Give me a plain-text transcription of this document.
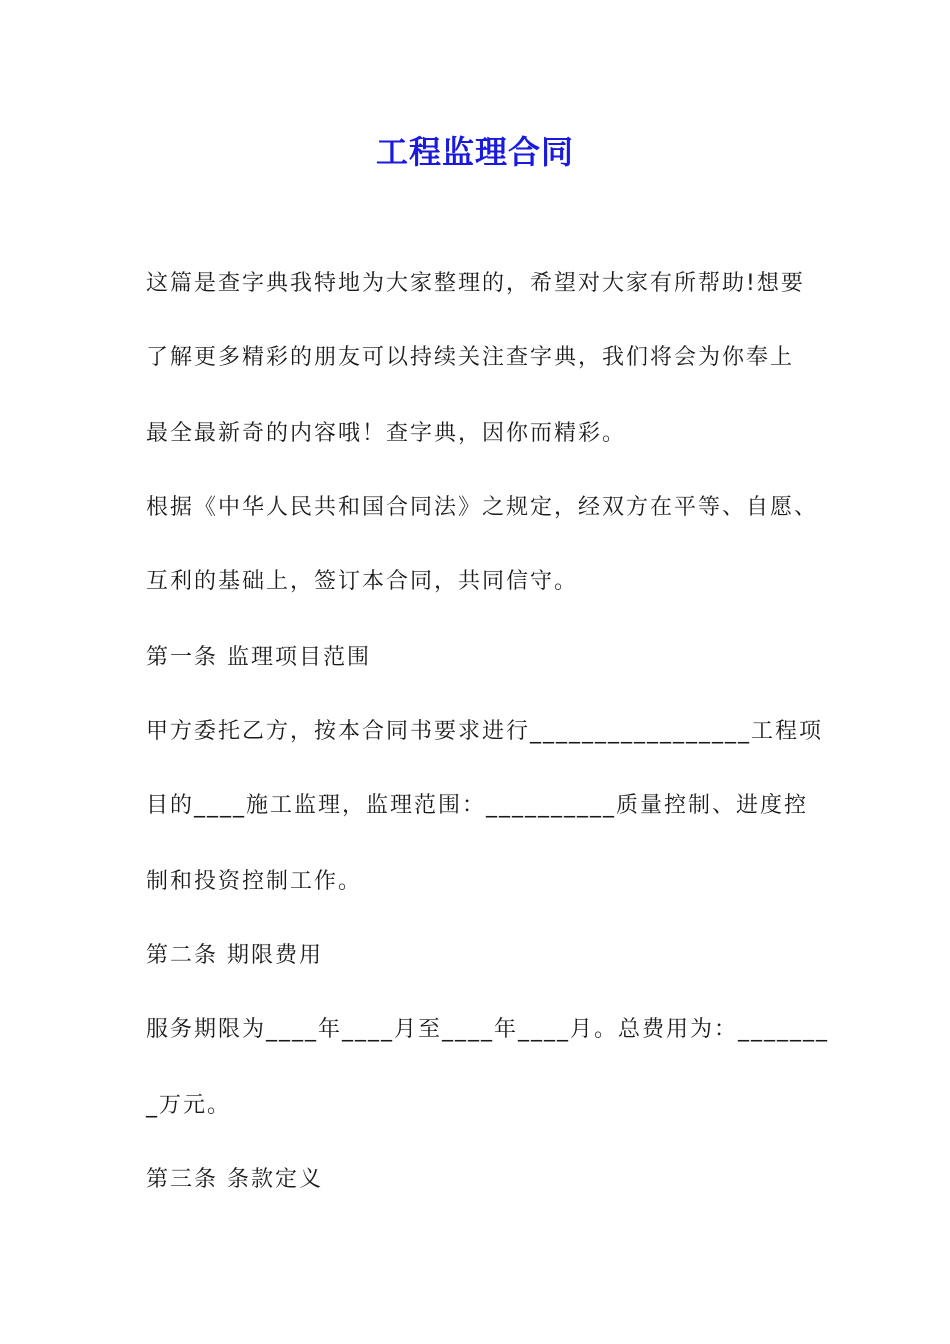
工程监理合同
这篇是查字典我特地为大家整理的，希望对大家有所帮助!想要
了解更多精彩的朋友可以持续关注查字典，我们将会为你奉上
最全最新奇的内容哦！查字典，因你而精彩。
根据《中华人民共和国合同法》之规定，经双方在平等、自愿、
互利的基础上，签订本合同，共同信守。
第一条 监理项目范围
甲方委托乙方，按本合同书要求进行_________________工程项
目的____施工监理，监理范围：__________质量控制、进度控
制和投资控制工作。
第二条 期限费用
服务期限为____年____月至____年____月。总费用为：_______
_万元。
第三条 条款定义
